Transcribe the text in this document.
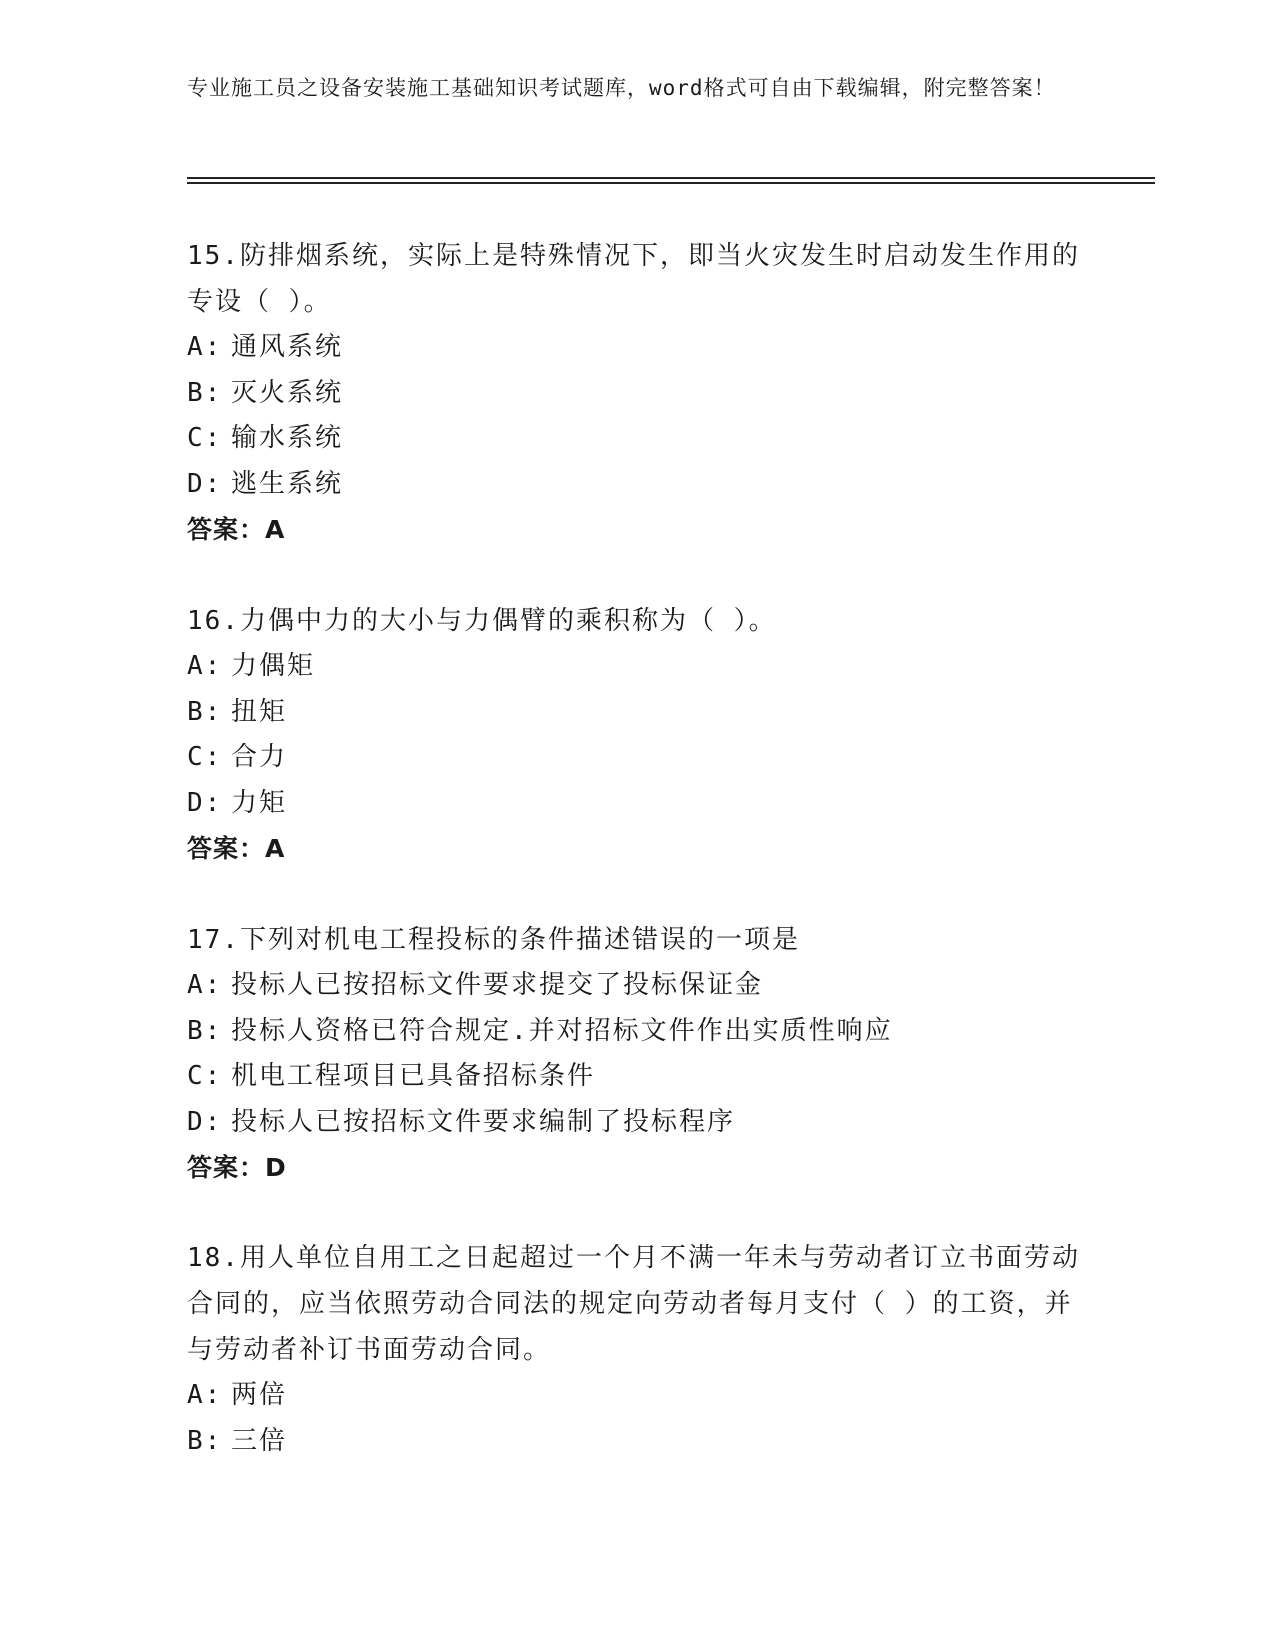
专业施工员之设备安装施工基础知识考试题库，word格式可自由下载编辑，附完整答案！

15.防排烟系统，实际上是特殊情况下，即当火灾发生时启动发生作用的专设（ ）。

A: 通风系统

B: 灭火系统

C: 输水系统

D: 逃生系统

答案：A

16.力偶中力的大小与力偶臂的乘积称为（ ）。

A: 力偶矩

B: 扭矩

C: 合力

D: 力矩

答案：A

17.下列对机电工程投标的条件描述错误的一项是

A: 投标人已按招标文件要求提交了投标保证金

B: 投标人资格已符合规定.并对招标文件作出实质性响应

C: 机电工程项目已具备招标条件

D: 投标人已按招标文件要求编制了投标程序

答案：D

18.用人单位自用工之日起超过一个月不满一年未与劳动者订立书面劳动合同的，应当依照劳动合同法的规定向劳动者每月支付（ ）的工资，并与劳动者补订书面劳动合同。

A: 两倍

B: 三倍
